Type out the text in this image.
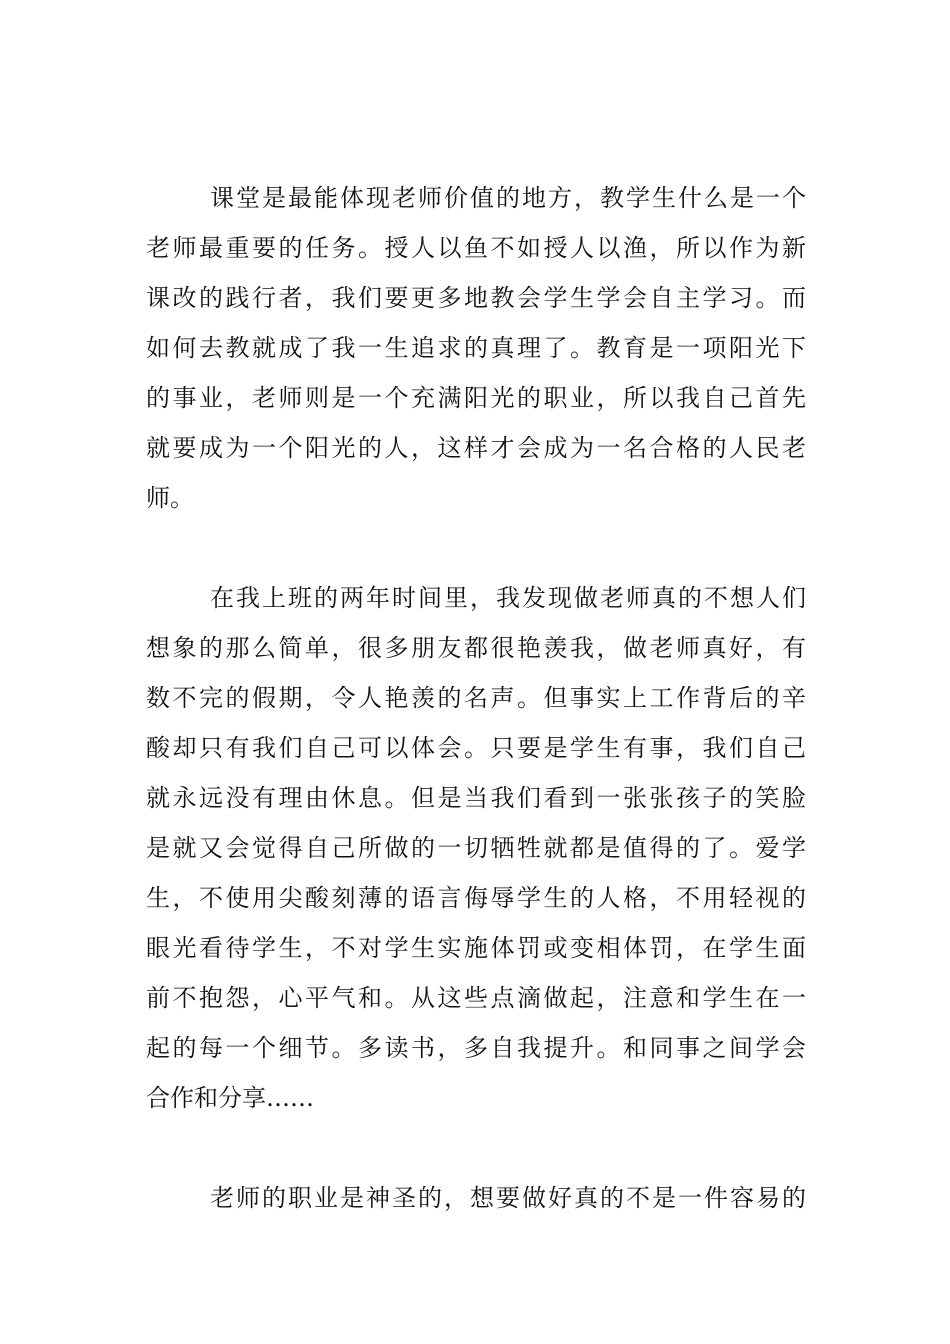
课堂是最能体现老师价值的地方，教学生什么是一个
老师最重要的任务。授人以鱼不如授人以渔，所以作为新
课改的践行者，我们要更多地教会学生学会自主学习。而
如何去教就成了我一生追求的真理了。教育是一项阳光下
的事业，老师则是一个充满阳光的职业，所以我自己首先
就要成为一个阳光的人，这样才会成为一名合格的人民老
师。
在我上班的两年时间里，我发现做老师真的不想人们
想象的那么简单，很多朋友都很艳羡我，做老师真好，有
数不完的假期，令人艳羡的名声。但事实上工作背后的辛
酸却只有我们自己可以体会。只要是学生有事，我们自己
就永远没有理由休息。但是当我们看到一张张孩子的笑脸
是就又会觉得自己所做的一切牺牲就都是值得的了。爱学
生，不使用尖酸刻薄的语言侮辱学生的人格，不用轻视的
眼光看待学生，不对学生实施体罚或变相体罚，在学生面
前不抱怨，心平气和。从这些点滴做起，注意和学生在一
起的每一个细节。多读书，多自我提升。和同事之间学会
合作和分享……
老师的职业是神圣的，想要做好真的不是一件容易的
